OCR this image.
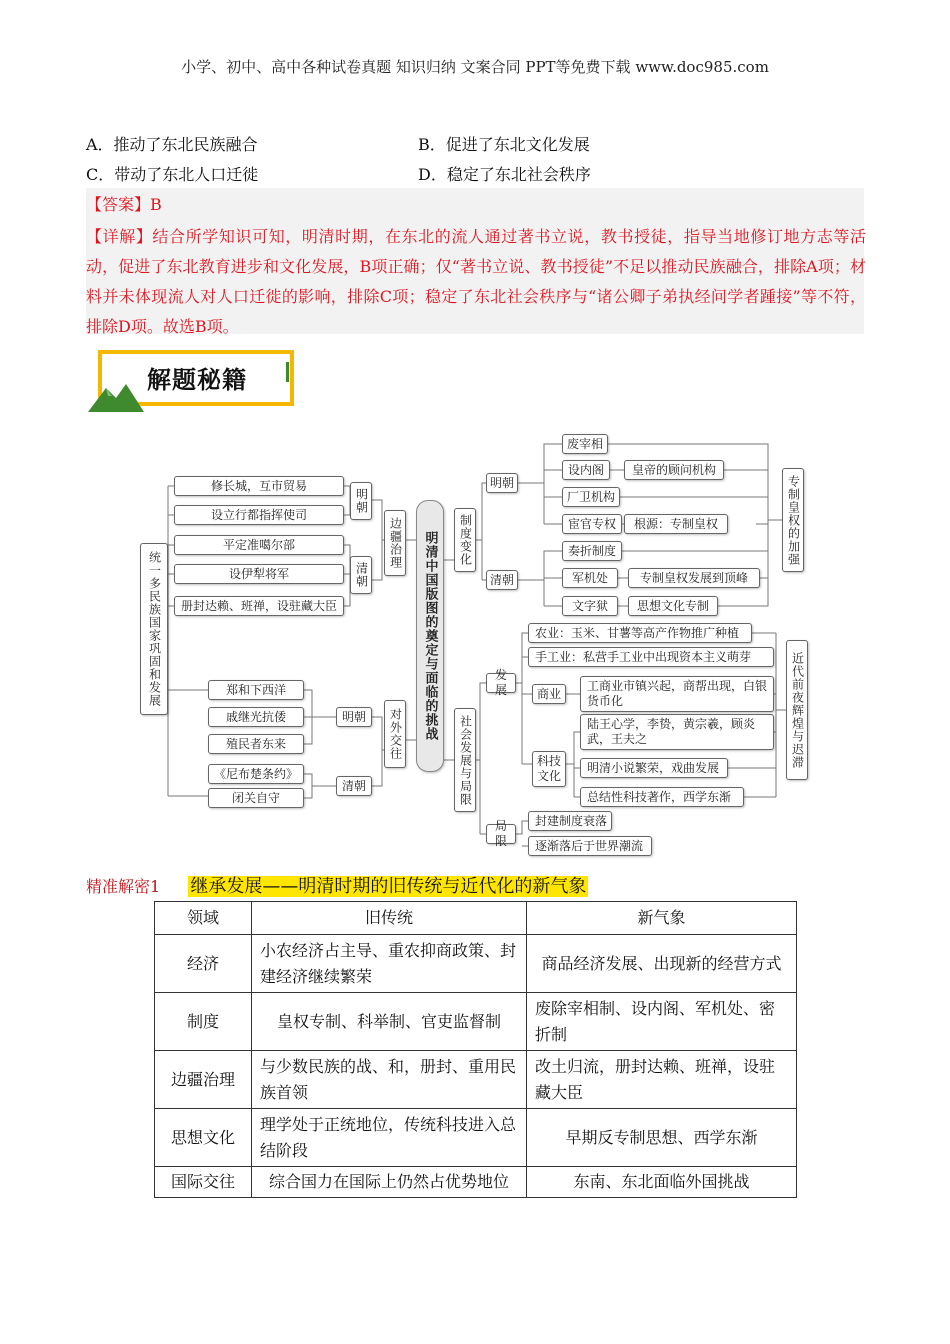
小学、初中、高中各种试卷真题 知识归纳 文案合同 PPT等免费下载 www.doc985.com
A．推动了东北民族融合	B．促进了东北文化发展
C．带动了东北人口迁徙	D．稳定了东北社会秩序
【答案】B
【详解】结合所学知识可知，明清时期，在东北的流人通过著书立说，教书授徒，指导当地修订地方志等活动，促进了东北教育进步和文化发展，B项正确；仅“著书立说、教书授徒”不足以推动民族融合，排除A项；材料并未体现流人对人口迁徙的影响，排除C项；稳定了东北社会秩序与“诸公卿子弟执经问学者踵接”等不符，排除D项。故选B项。
解题秘籍
统一多民族国家巩固和发展
修长城，互市贸易
设立行都指挥使司
平定准噶尔部
设伊犁将军
册封达赖、班禅，设驻藏大臣
明朝
清朝
边疆治理
郑和下西洋
戚继光抗倭
殖民者东来
《尼布楚条约》
闭关自守
明朝
清朝
对外交往	明清中国版图的奠定与面临的挑战	制度变化
明朝
清朝
废宰相
设内阁
厂卫机构
宦官专权
皇帝的顾问机构
根源：专制皇权
奏折制度
军机处
文字狱
专制皇权发展到顶峰
思想文化专制
专制皇权的加强
社会发展与局限
发展
局限
农业：玉米、甘薯等高产作物推广种植
手工业：私营手工业中出现资本主义萌芽
商业
工商业市镇兴起，商帮出现，白银货币化
科技文化
陆王心学，李贽，黄宗羲，顾炎武，王夫之
明清小说繁荣，戏曲发展
总结性科技著作，西学东渐
封建制度衰落
逐渐落后于世界潮流
近代前夜辉煌与迟滞
精准解密1 继承发展——明清时期的旧传统与近代化的新气象
领域	旧传统	新气象
经济	小农经济占主导、重农抑商政策、封建经济继续繁荣	商品经济发展、出现新的经营方式
制度	皇权专制、科举制、官吏监督制	废除宰相制、设内阁、军机处、密折制
边疆治理	与少数民族的战、和，册封、重用民族首领	改土归流，册封达赖、班禅，设驻藏大臣
思想文化	理学处于正统地位，传统科技进入总结阶段	早期反专制思想、西学东渐
国际交往	综合国力在国际上仍然占优势地位	东南、东北面临外国挑战
